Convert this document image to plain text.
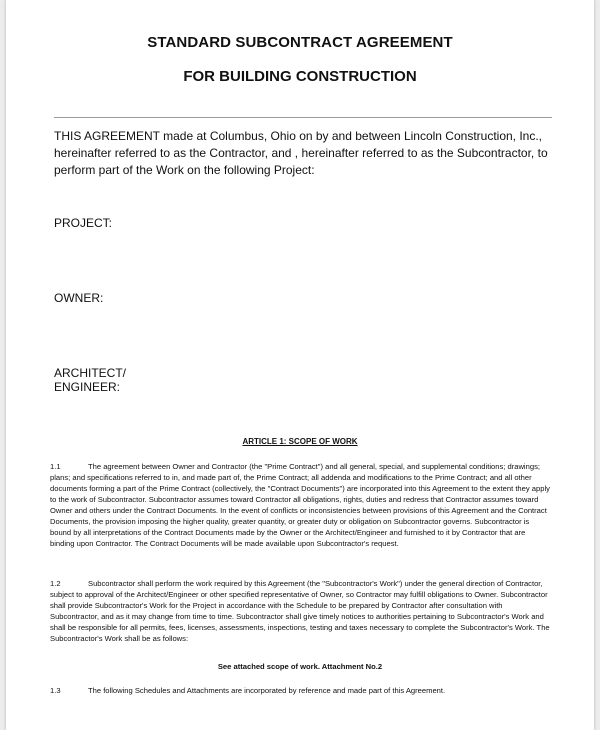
STANDARD SUBCONTRACT AGREEMENT
FOR BUILDING CONSTRUCTION
THIS AGREEMENT made at Columbus, Ohio on by and between Lincoln Construction, Inc., hereinafter referred to as the Contractor, and , hereinafter referred to as the Subcontractor, to perform part of the Work on the following Project:
PROJECT:
OWNER:
ARCHITECT/
ENGINEER:
ARTICLE 1: SCOPE OF WORK
1.1	The agreement between Owner and Contractor (the "Prime Contract") and all general, special, and supplemental conditions; drawings; plans; and specifications referred to in, and made part of, the Prime Contract; all addenda and modifications to the Prime Contract; and all other documents forming a part of the Prime Contract (collectively, the "Contract Documents") are incorporated into this Agreement to the extent they apply to the work of Subcontractor. Subcontractor assumes toward Contractor all obligations, rights, duties and redress that Contractor assumes toward Owner and others under the Contract Documents. In the event of conflicts or inconsistencies between provisions of this Agreement and the Contract Documents, the provision imposing the higher quality, greater quantity, or greater duty or obligation on Subcontractor governs. Subcontractor is bound by all interpretations of the Contract Documents made by the Owner or the Architect/Engineer and furnished to it by Contractor that are binding upon Contractor. The Contract Documents will be made available upon Subcontractor's request.
1.2	Subcontractor shall perform the work required by this Agreement (the "Subcontractor's Work") under the general direction of Contractor, subject to approval of the Architect/Engineer or other specified representative of Owner, so Contractor may fulfill obligations to Owner. Subcontractor shall provide Subcontractor's Work for the Project in accordance with the Schedule to be prepared by Contractor after consultation with Subcontractor, and as it may change from time to time. Subcontractor shall give timely notices to authorities pertaining to Subcontractor's Work and shall be responsible for all permits, fees, licenses, assessments, inspections, testing and taxes necessary to complete the Subcontractor's Work. The Subcontractor's Work shall be as follows:
See attached scope of work. Attachment No.2
1.3	The following Schedules and Attachments are incorporated by reference and made part of this Agreement.
